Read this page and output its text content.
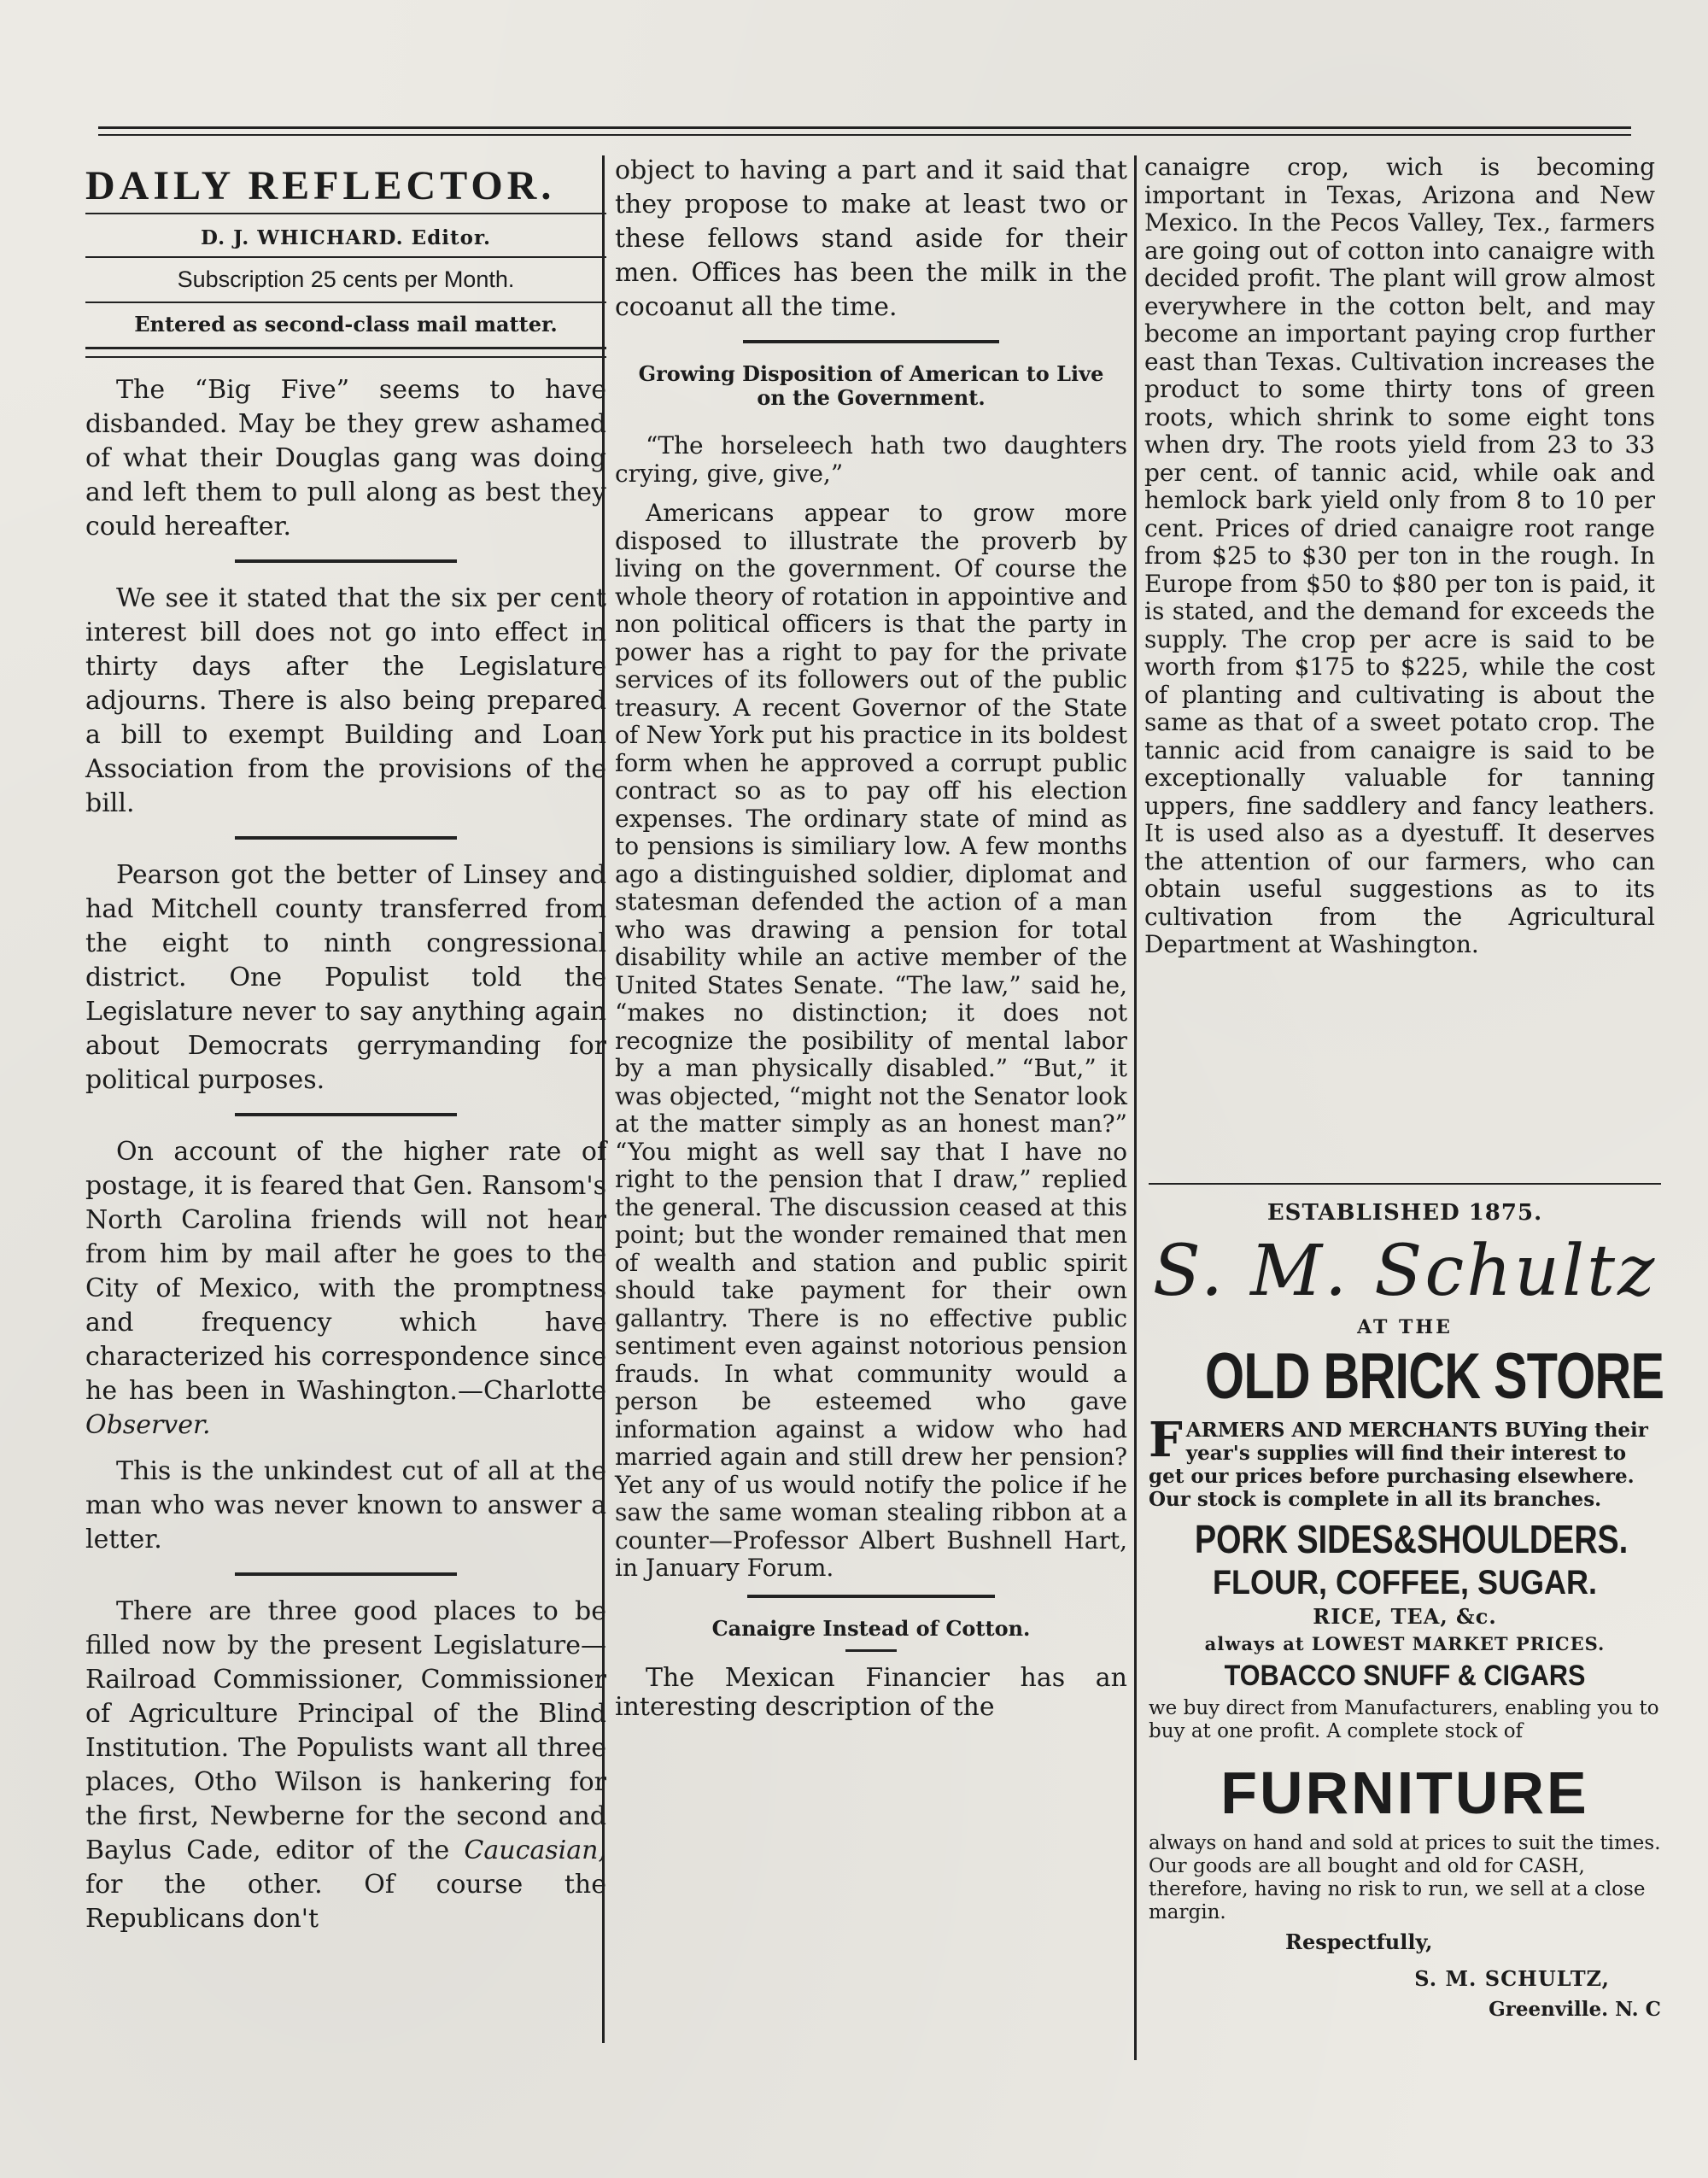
DAILY REFLECTOR.
D. J. WHICHARD. Editor.
Subscription 25 cents per Month.
Entered as second-class mail matter.

The “Big Five” seems to have disbanded. May be they grew ashamed of what their Douglas gang was doing and left them to pull along as best they could hereafter.

We see it stated that the six per cent interest bill does not go into effect in thirty days after the Legislature adjourns. There is also being prepared a bill to exempt Building and Loan Association from the provisions of the bill.

Pearson got the better of Linsey and had Mitchell county transferred from the eight to ninth congressional district. One Populist told the Legislature never to say anything again about Democrats gerrymanding for political purposes.

On account of the higher rate of postage, it is feared that Gen. Ransom's North Carolina friends will not hear from him by mail after he goes to the City of Mexico, with the promptness and frequency which have characterized his correspondence since he has been in Washington.—Charlotte Observer.

This is the unkindest cut of all at the man who was never known to answer a letter.

There are three good places to be filled now by the present Legislature—Railroad Commissioner, Commissioner of Agriculture Principal of the Blind Institution. The Populists want all three places, Otho Wilson is hankering for the first, Newberne for the second and Baylus Cade, editor of the Caucasian, for the other. Of course the Republicans don't

object to having a part and it said that they propose to make at least two or these fellows stand aside for their men. Offices has been the milk in the cocoanut all the time.

Growing Disposition of American to Live on the Government.

“The horseleech hath two daughters crying, give, give,”

Americans appear to grow more disposed to illustrate the proverb by living on the government. Of course the whole theory of rotation in appointive and non political officers is that the party in power has a right to pay for the private services of its followers out of the public treasury. A recent Governor of the State of New York put his practice in its boldest form when he approved a corrupt public contract so as to pay off his election expenses. The ordinary state of mind as to pensions is similiary low. A few months ago a distinguished soldier, diplomat and statesman defended the action of a man who was drawing a pension for total disability while an active member of the United States Senate. “The law,” said he, “makes no distinction; it does not recognize the posibility of mental labor by a man physically disabled.” “But,” it was objected, “might not the Senator look at the matter simply as an honest man?” “You might as well say that I have no right to the pension that I draw,” replied the general. The discussion ceased at this point; but the wonder remained that men of wealth and station and public spirit should take payment for their own gallantry. There is no effective public sentiment even against notorious pension frauds. In what community would a person be esteemed who gave information against a widow who had married again and still drew her pension? Yet any of us would notify the police if he saw the same woman stealing ribbon at a counter—Professor Albert Bushnell Hart, in January Forum.

Canaigre Instead of Cotton.

The Mexican Financier has an interesting description of the

canaigre crop, wich is becoming important in Texas, Arizona and New Mexico. In the Pecos Valley, Tex., farmers are going out of cotton into canaigre with decided profit. The plant will grow almost everywhere in the cotton belt, and may become an important paying crop further east than Texas. Cultivation increases the product to some thirty tons of green roots, which shrink to some eight tons when dry. The roots yield from 23 to 33 per cent. of tannic acid, while oak and hemlock bark yield only from 8 to 10 per cent. Prices of dried canaigre root range from $25 to $30 per ton in the rough. In Europe from $50 to $80 per ton is paid, it is stated, and the demand for exceeds the supply. The crop per acre is said to be worth from $175 to $225, while the cost of planting and cultivating is about the same as that of a sweet potato crop. The tannic acid from canaigre is said to be exceptionally valuable for tanning uppers, fine saddlery and fancy leathers. It is used also as a dyestuff. It deserves the attention of our farmers, who can obtain useful suggestions as to its cultivation from the Agricultural Department at Washington.

ESTABLISHED 1875.
S. M. Schultz
AT THE
OLD BRICK STORE
FARMERS AND MERCHANTS BUYing their year's supplies will find their interest to get our prices before purchasing elsewhere. Our stock is complete in all its branches.
PORK SIDES&SHOULDERS.
FLOUR, COFFEE, SUGAR.
RICE, TEA, &c.
always at LOWEST MARKET PRICES.
TOBACCO SNUFF & CIGARS
we buy direct from Manufacturers, enabling you to buy at one profit. A complete stock of
FURNITURE
always on hand and sold at prices to suit the times. Our goods are all bought and old for CASH, therefore, having no risk to run, we sell at a close margin.
Respectfully,
S. M. SCHULTZ,
Greenville. N. C
